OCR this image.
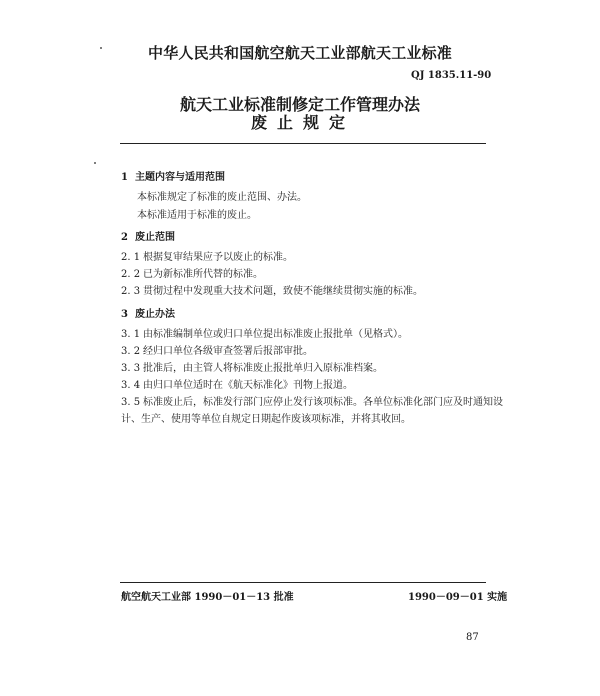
中华人民共和国航空航天工业部航天工业标准
QJ 1835.11-90
航天工业标准制修定工作管理办法
废止规定
1 主题内容与适用范围
本标准规定了标准的废止范围、办法。
本标准适用于标准的废止。
2 废止范围
2. 1 根据复审结果应予以废止的标准。
2. 2 已为新标准所代替的标准。
2. 3 贯彻过程中发现重大技术问题，致使不能继续贯彻实施的标准。
3 废止办法
3. 1 由标准编制单位或归口单位提出标准废止报批单（见格式）。
3. 2 经归口单位各级审查签署后报部审批。
3. 3 批准后，由主管人将标准废止报批单归入原标准档案。
3. 4 由归口单位适时在《航天标准化》刊物上报道。
3. 5 标准废止后，标准发行部门应停止发行该项标准。各单位标准化部门应及时通知设
计、生产、使用等单位自规定日期起作废该项标准，并将其收回。
航空航天工业部 1990－01－13 批准	1990－09－01 实施
87
